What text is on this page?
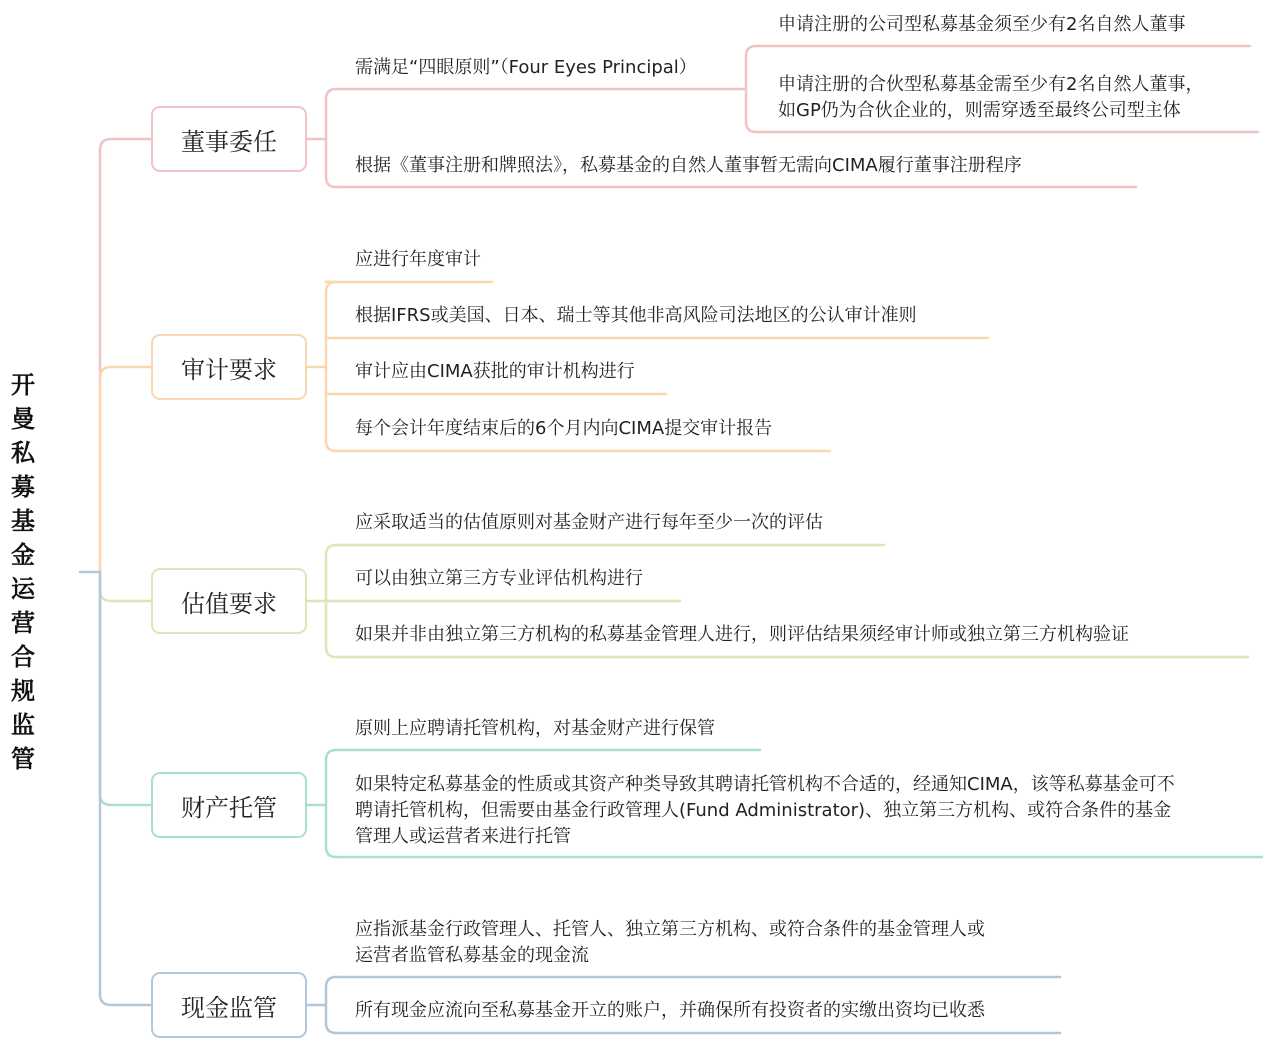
开曼私募基金运营合规监管
董事委任
审计要求
估值要求
财产托管
现金监管
需满足“四眼原则”（Four Eyes Principal）
根据《董事注册和牌照法》，私募基金的自然人董事暂无需向CIMA履行董事注册程序
申请注册的公司型私募基金须至少有2名自然人董事
申请注册的合伙型私募基金需至少有2名自然人董事，
如GP仍为合伙企业的，则需穿透至最终公司型主体
应进行年度审计
根据IFRS或美国、日本、瑞士等其他非高风险司法地区的公认审计准则
审计应由CIMA获批的审计机构进行
每个会计年度结束后的6个月内向CIMA提交审计报告
应采取适当的估值原则对基金财产进行每年至少一次的评估
可以由独立第三方专业评估机构进行
如果并非由独立第三方机构的私募基金管理人进行，则评估结果须经审计师或独立第三方机构验证
原则上应聘请托管机构，对基金财产进行保管
如果特定私募基金的性质或其资产种类导致其聘请托管机构不合适的，经通知CIMA，该等私募基金可不
聘请托管机构，但需要由基金行政管理人(Fund Administrator)、独立第三方机构、或符合条件的基金
管理人或运营者来进行托管
应指派基金行政管理人、托管人、独立第三方机构、或符合条件的基金管理人或
运营者监管私募基金的现金流
所有现金应流向至私募基金开立的账户，并确保所有投资者的实缴出资均已收悉
